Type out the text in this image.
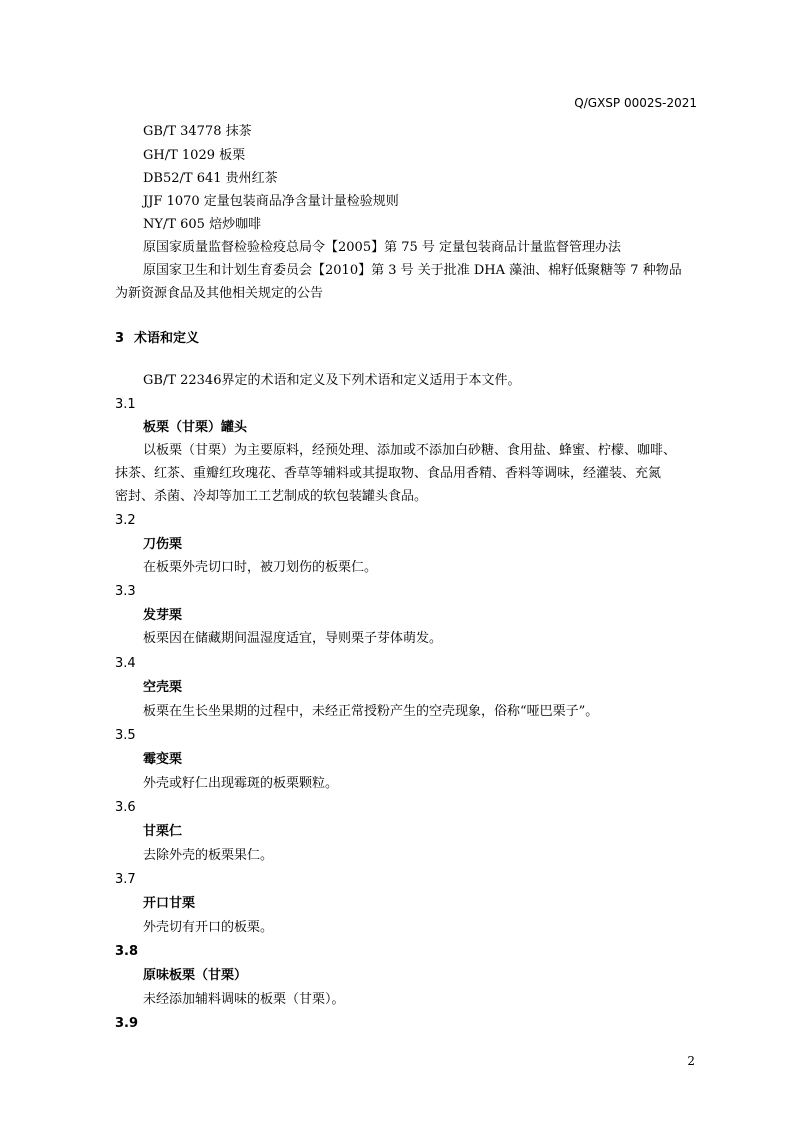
Q/GXSP 0002S-2021
GB/T 34778 抹茶
GH/T 1029 板栗
DB52/T 641 贵州红茶
JJF 1070 定量包装商品净含量计量检验规则
NY/T 605 焙炒咖啡
原国家质量监督检验检疫总局令【2005】第 75 号 定量包装商品计量监督管理办法
原国家卫生和计划生育委员会【2010】第 3 号 关于批准 DHA 藻油、棉籽低聚糖等 7 种物品
为新资源食品及其他相关规定的公告
3 术语和定义
GB/T 22346界定的术语和定义及下列术语和定义适用于本文件。
3.1
板栗（甘栗）罐头
以板栗（甘栗）为主要原料，经预处理、添加或不添加白砂糖、食用盐、蜂蜜、柠檬、咖啡、
抹茶、红茶、重瓣红玫瑰花、香草等辅料或其提取物、食品用香精、香料等调味，经灌装、充氮
密封、杀菌、冷却等加工工艺制成的软包装罐头食品。
3.2
刀伤栗
在板栗外壳切口时，被刀划伤的板栗仁。
3.3
发芽栗
板栗因在储藏期间温湿度适宜，导则栗子芽体萌发。
3.4
空壳栗
板栗在生长坐果期的过程中，未经正常授粉产生的空壳现象，俗称“哑巴栗子”。
3.5
霉变栗
外壳或籽仁出现霉斑的板栗颗粒。
3.6
甘栗仁
去除外壳的板栗果仁。
3.7
开口甘栗
外壳切有开口的板栗。
3.8
原味板栗（甘栗）
未经添加辅料调味的板栗（甘栗）。
3.9
2
